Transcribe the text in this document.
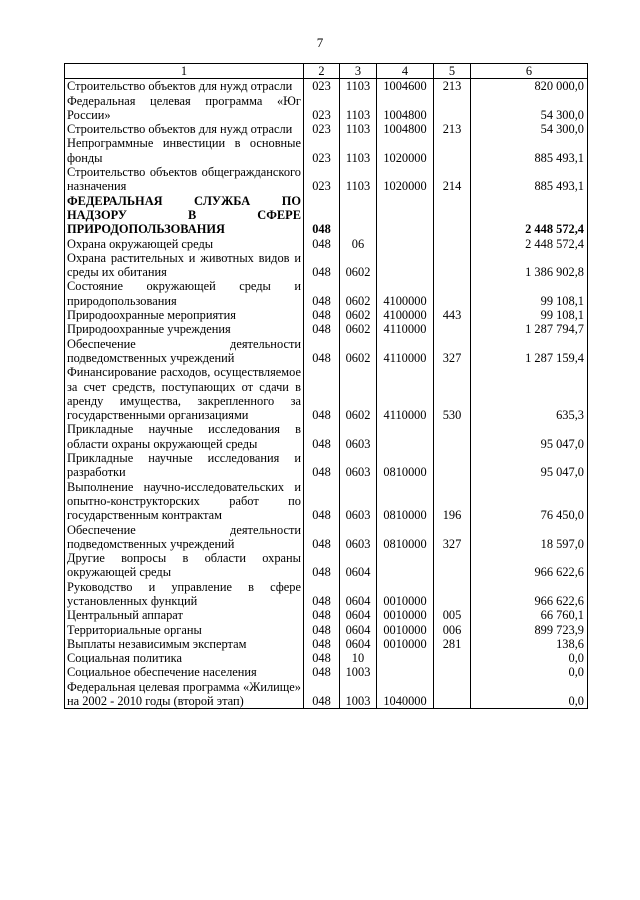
7
1	2	3	4	5	6
Строительство объектов для нужд отрасли	023	1103	1004600	213	820 000,0
Федеральная целевая программа «Юг России»	023	1103	1004800		54 300,0
Строительство объектов для нужд отрасли	023	1103	1004800	213	54 300,0
Непрограммные инвестиции в основные фонды	023	1103	1020000		885 493,1
Строительство объектов общегражданского назначения	023	1103	1020000	214	885 493,1
ФЕДЕРАЛЬНАЯ СЛУЖБА ПО НАДЗОРУ В СФЕРЕ ПРИРОДОПОЛЬЗОВАНИЯ	048				2 448 572,4
Охрана окружающей среды	048	06			2 448 572,4
Охрана растительных и животных видов и среды их обитания	048	0602			1 386 902,8
Состояние окружающей среды и природопользования	048	0602	4100000		99 108,1
Природоохранные мероприятия	048	0602	4100000	443	99 108,1
Природоохранные учреждения	048	0602	4110000		1 287 794,7
Обеспечение деятельности подведомственных учреждений	048	0602	4110000	327	1 287 159,4
Финансирование расходов, осуществляемое за счет средств, поступающих от сдачи в аренду имущества, закрепленного за государственными организациями	048	0602	4110000	530	635,3
Прикладные научные исследования в области охраны окружающей среды	048	0603			95 047,0
Прикладные научные исследования и разработки	048	0603	0810000		95 047,0
Выполнение научно-исследовательских и опытно-конструкторских работ по государственным контрактам	048	0603	0810000	196	76 450,0
Обеспечение деятельности подведомственных учреждений	048	0603	0810000	327	18 597,0
Другие вопросы в области охраны окружающей среды	048	0604			966 622,6
Руководство и управление в сфере установленных функций	048	0604	0010000		966 622,6
Центральный аппарат	048	0604	0010000	005	66 760,1
Территориальные органы	048	0604	0010000	006	899 723,9
Выплаты независимым экспертам	048	0604	0010000	281	138,6
Социальная политика	048	10			0,0
Социальное обеспечение населения	048	1003			0,0
Федеральная целевая программа «Жилище» на 2002 - 2010 годы (второй этап)	048	1003	1040000		0,0
